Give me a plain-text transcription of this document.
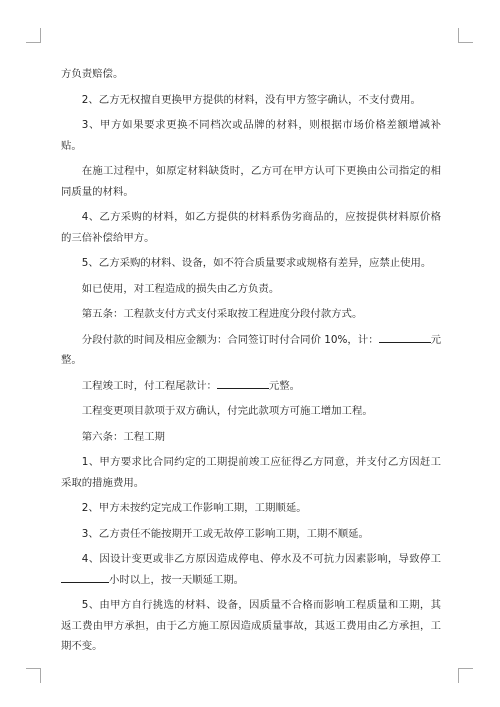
方负责赔偿。

2、乙方无权擅自更换甲方提供的材料，没有甲方签字确认，不支付费用。

3、甲方如果要求更换不同档次或品牌的材料，则根据市场价格差额增减补贴。

在施工过程中，如原定材料缺货时，乙方可在甲方认可下更换由公司指定的相同质量的材料。

4、乙方采购的材料，如乙方提供的材料系伪劣商品的，应按提供材料原价格的三倍补偿给甲方。

5、乙方采购的材料、设备，如不符合质量要求或规格有差异，应禁止使用。

如已使用，对工程造成的损失由乙方负责。

第五条：工程款支付方式支付采取按工程进度分段付款方式。

分段付款的时间及相应金额为：合同签订时付合同价 10%，计：	元整。

工程竣工时，付工程尾款计：	元整。

工程变更项目款项于双方确认，付完此款项方可施工增加工程。

第六条：工程工期

1、甲方要求比合同约定的工期提前竣工应征得乙方同意，并支付乙方因赶工采取的措施费用。

2、甲方未按约定完成工作影响工期，工期顺延。

3、乙方责任不能按期开工或无故停工影响工期，工期不顺延。

4、因设计变更或非乙方原因造成停电、停水及不可抗力因素影响，导致停工小时以上，按一天顺延工期。

5、由甲方自行挑选的材料、设备，因质量不合格而影响工程质量和工期，其返工费由甲方承担，由于乙方施工原因造成质量事故，其返工费用由乙方承担，工期不变。
